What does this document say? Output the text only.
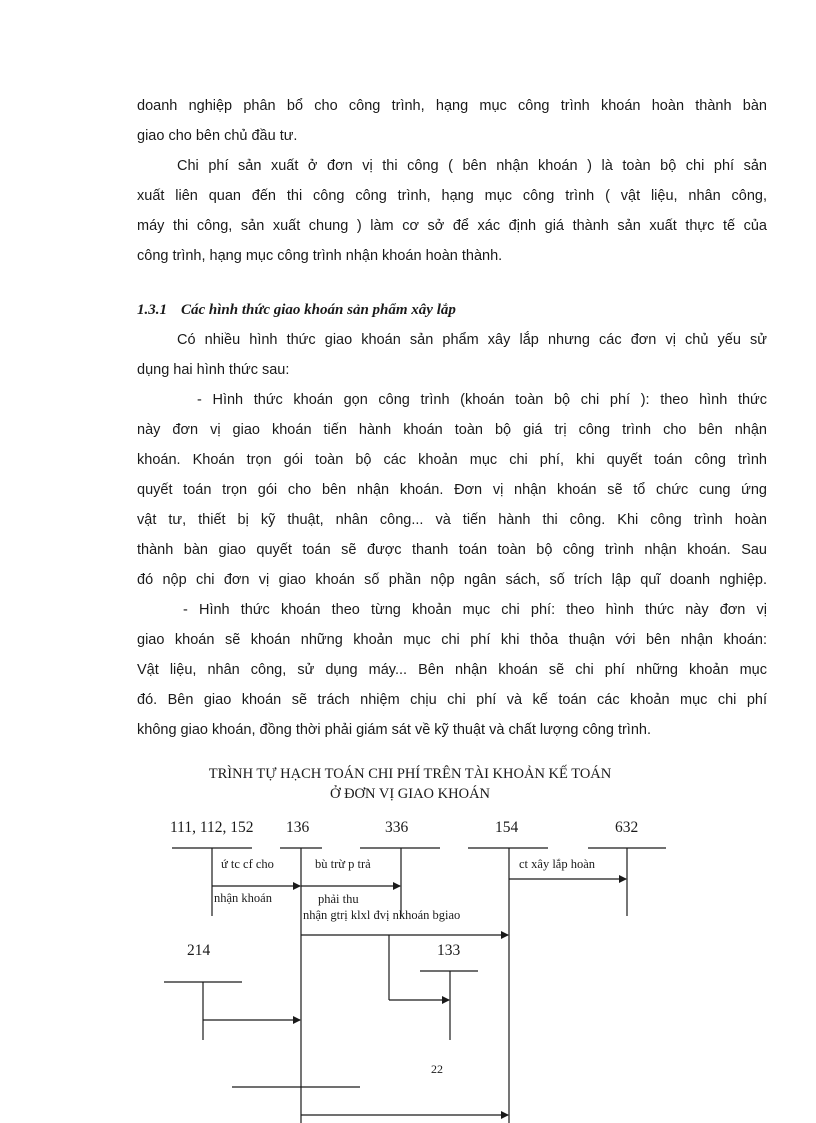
doanh nghiệp phân bổ cho công trình, hạng mục công trình khoán hoàn thành bàn
giao cho bên chủ đầu tư.
Chi phí sản xuất ở đơn vị thi công ( bên nhận khoán ) là toàn bộ chi phí sản
xuất liên quan đến thi công công trình, hạng mục công trình ( vật liệu, nhân công,
máy thi công, sản xuất chung ) làm cơ sở để xác định giá thành sản xuất thực tế của
công trình, hạng mục công trình nhận khoán hoàn thành.
1.3.1 Các hình thức giao khoán sản phẩm xây lắp
Có nhiều hình thức giao khoán sản phẩm xây lắp nhưng các đơn vị chủ yếu sử
dụng hai hình thức sau:
- Hình thức khoán gọn công trình (khoán toàn bộ chi phí ): theo hình thức
này đơn vị giao khoán tiến hành khoán toàn bộ giá trị công trình cho bên nhận
khoán. Khoán trọn gói toàn bộ các khoản mục chi phí, khi quyết toán công trình
quyết toán trọn gói cho bên nhận khoán. Đơn vị nhận khoán sẽ tổ chức cung ứng
vật tư, thiết bị kỹ thuật, nhân công... và tiến hành thi công. Khi công trình hoàn
thành bàn giao quyết toán sẽ được thanh toán toàn bộ công trình nhận khoán. Sau
đó nộp chi đơn vị giao khoán số phần nộp ngân sách, số trích lập quĩ doanh nghiệp.
- Hình thức khoán theo từng khoản mục chi phí: theo hình thức này đơn vị
giao khoán sẽ khoán những khoản mục chi phí khi thỏa thuận với bên nhận khoán:
Vật liệu, nhân công, sử dụng máy... Bên nhận khoán sẽ chi phí những khoản mục
đó. Bên giao khoán sẽ trách nhiệm chịu chi phí và kế toán các khoản mục chi phí
không giao khoán, đồng thời phải giám sát về kỹ thuật và chất lượng công trình.
TRÌNH TỰ HẠCH TOÁN CHI PHÍ TRÊN TÀI KHOẢN KẾ TOÁN
Ở ĐƠN VỊ GIAO KHOÁN
111, 112, 152 136	336	154	632
214	133
ứ tc cf cho
nhận khoán
bù trừ p trả
phải thu
nhận gtrị klxl đvị nkhoán bgiao
ct xây lắp hoàn
22
